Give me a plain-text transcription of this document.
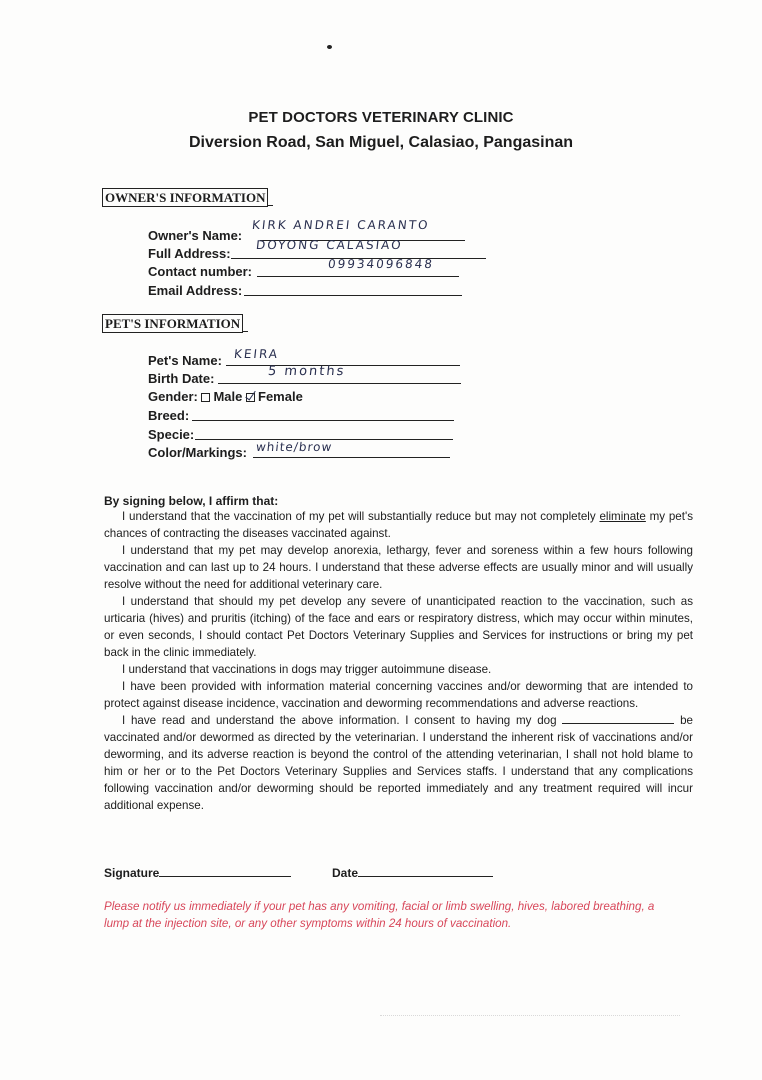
PET DOCTORS VETERINARY CLINIC
Diversion Road, San Miguel, Calasiao, Pangasinan
OWNER'S INFORMATION
Owner's Name:
KIRK ANDREI CARANTO
Full Address:
DOYONG CALASIAO
Contact number:	09934096848
Email Address:
PET'S INFORMATION
Pet's Name: KEIRA
Birth Date:	5 months
Gender: Male Female
Breed:
Specie:
Color/Markings: white/brow
By signing below, I affirm that:

I understand that the vaccination of my pet will substantially reduce but may not completely eliminate my pet's chances of contracting the diseases vaccinated against.

I understand that my pet may develop anorexia, lethargy, fever and soreness within a few hours following vaccination and can last up to 24 hours. I understand that these adverse effects are usually minor and will usually resolve without the need for additional veterinary care.

I understand that should my pet develop any severe of unanticipated reaction to the vaccination, such as urticaria (hives) and pruritis (itching) of the face and ears or respiratory distress, which may occur within minutes, or even seconds, I should contact Pet Doctors Veterinary Supplies and Services for instructions or bring my pet back in the clinic immediately.

I understand that vaccinations in dogs may trigger autoimmune disease.

I have been provided with information material concerning vaccines and/or deworming that are intended to protect against disease incidence, vaccination and deworming recommendations and adverse reactions.

I have read and understand the above information. I consent to having my dog	be vaccinated and/or dewormed as directed by the veterinarian. I understand the inherent risk of vaccinations and/or deworming, and its adverse reaction is beyond the control of the attending veterinarian, I shall not hold blame to him or her or to the Pet Doctors Veterinary Supplies and Services staffs. I understand that any complications following vaccination and/or deworming should be reported immediately and any treatment required will incur additional expense.

Signature	Date
Please notify us immediately if your pet has any vomiting, facial or limb swelling, hives, labored breathing, a lump at the injection site, or any other symptoms within 24 hours of vaccination.
